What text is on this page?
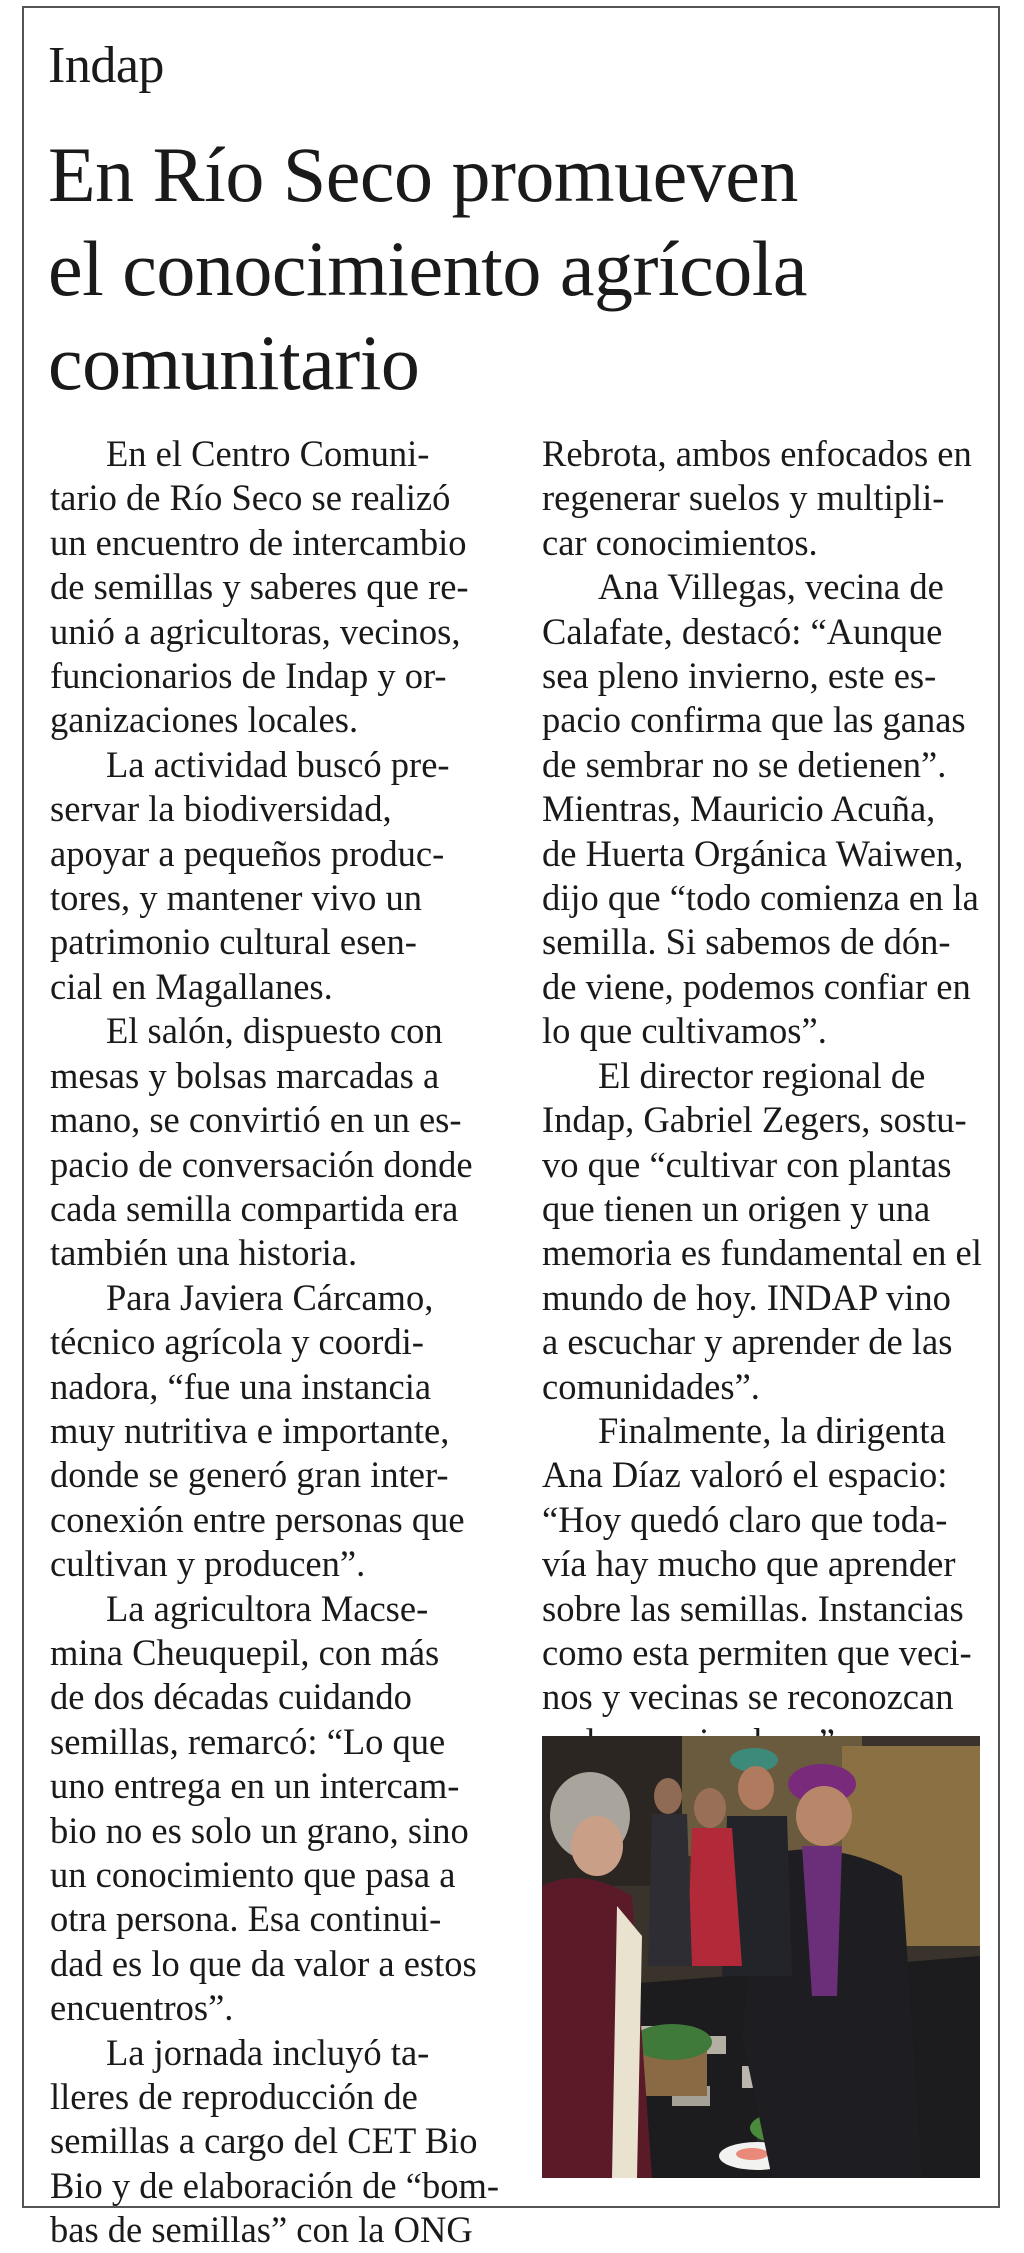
Indap
En Río Seco promueven
el conocimiento agrícola
comunitario
En el Centro Comuni-
tario de Río Seco se realizó
un encuentro de intercambio
de semillas y saberes que re-
unió a agricultoras, vecinos,
funcionarios de Indap y or-
ganizaciones locales.
La actividad buscó pre-
servar la biodiversidad,
apoyar a pequeños produc-
tores, y mantener vivo un
patrimonio cultural esen-
cial en Magallanes.
El salón, dispuesto con
mesas y bolsas marcadas a
mano, se convirtió en un es-
pacio de conversación donde
cada semilla compartida era
también una historia.
Para Javiera Cárcamo,
técnico agrícola y coordi-
nadora, “fue una instancia
muy nutritiva e importante,
donde se generó gran inter-
conexión entre personas que
cultivan y producen”.
La agricultora Macse-
mina Cheuquepil, con más
de dos décadas cuidando
semillas, remarcó: “Lo que
uno entrega en un intercam-
bio no es solo un grano, sino
un conocimiento que pasa a
otra persona. Esa continui-
dad es lo que da valor a estos
encuentros”.
La jornada incluyó ta-
lleres de reproducción de
semillas a cargo del CET Bio
Bio y de elaboración de “bom-
bas de semillas” con la ONG
Rebrota, ambos enfocados en
regenerar suelos y multipli-
car conocimientos.
Ana Villegas, vecina de
Calafate, destacó: “Aunque
sea pleno invierno, este es-
pacio confirma que las ganas
de sembrar no se detienen”.
Mientras, Mauricio Acuña,
de Huerta Orgánica Waiwen,
dijo que “todo comienza en la
semilla. Si sabemos de dón-
de viene, podemos confiar en
lo que cultivamos”.
El director regional de
Indap, Gabriel Zegers, sostu-
vo que “cultivar con plantas
que tienen un origen y una
memoria es fundamental en el
mundo de hoy. INDAP vino
a escuchar y aprender de las
comunidades”.
Finalmente, la dirigenta
Ana Díaz valoró el espacio:
“Hoy quedó claro que toda-
vía hay mucho que aprender
sobre las semillas. Instancias
como esta permiten que veci-
nos y vecinas se reconozcan
